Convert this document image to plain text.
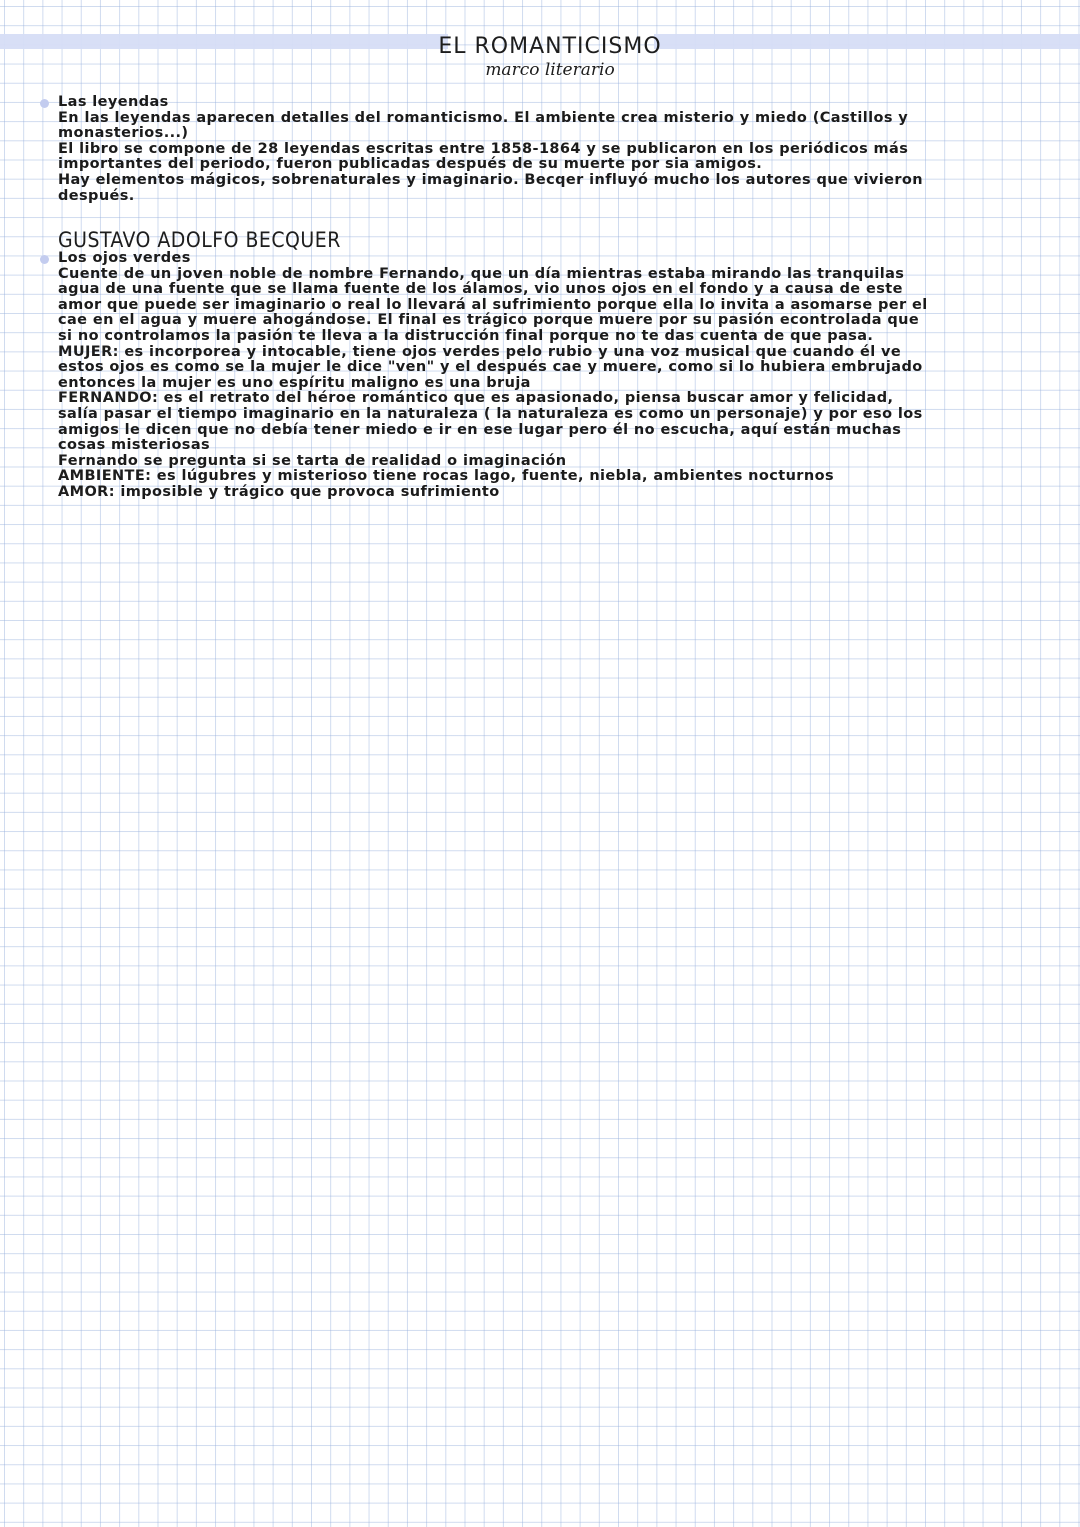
EL ROMANTICISMO
marco literario

Las leyendas

En las leyendas aparecen detalles del romanticismo. El ambiente crea misterio y miedo (Castillos y

monasterios...)

El libro se compone de 28 leyendas escritas entre 1858-1864 y se publicaron en los periódicos más

importantes del periodo, fueron publicadas después de su muerte por sia amigos.

Hay elementos mágicos, sobrenaturales y imaginario. Becqer influyó mucho los autores que vivieron

después.

GUSTAVO ADOLFO BECQUER

Los ojos verdes

Cuente de un joven noble de nombre Fernando, que un día mientras estaba mirando las tranquilas

agua de una fuente que se llama fuente de los álamos, vio unos ojos en el fondo y a causa de este

amor que puede ser imaginario o real lo llevará al sufrimiento porque ella lo invita a asomarse per el

cae en el agua y muere ahogándose. El final es trágico porque muere por su pasión econtrolada que

si no controlamos la pasión te lleva a la distrucción final porque no te das cuenta de que pasa.

MUJER: es incorporea y intocable, tiene ojos verdes pelo rubio y una voz musical que cuando él ve

estos ojos es como se la mujer le dice "ven" y el después cae y muere, como si lo hubiera embrujado

entonces la mujer es uno espíritu maligno es una bruja

FERNANDO: es el retrato del héroe romántico que es apasionado, piensa buscar amor y felicidad,

salía pasar el tiempo imaginario en la naturaleza ( la naturaleza es como un personaje) y por eso los

amigos le dicen que no debía tener miedo e ir en ese lugar pero él no escucha, aquí están muchas

cosas misteriosas

Fernando se pregunta si se tarta de realidad o imaginación

AMBIENTE: es lúgubres y misterioso tiene rocas lago, fuente, niebla, ambientes nocturnos

AMOR: imposible y trágico que provoca sufrimiento
